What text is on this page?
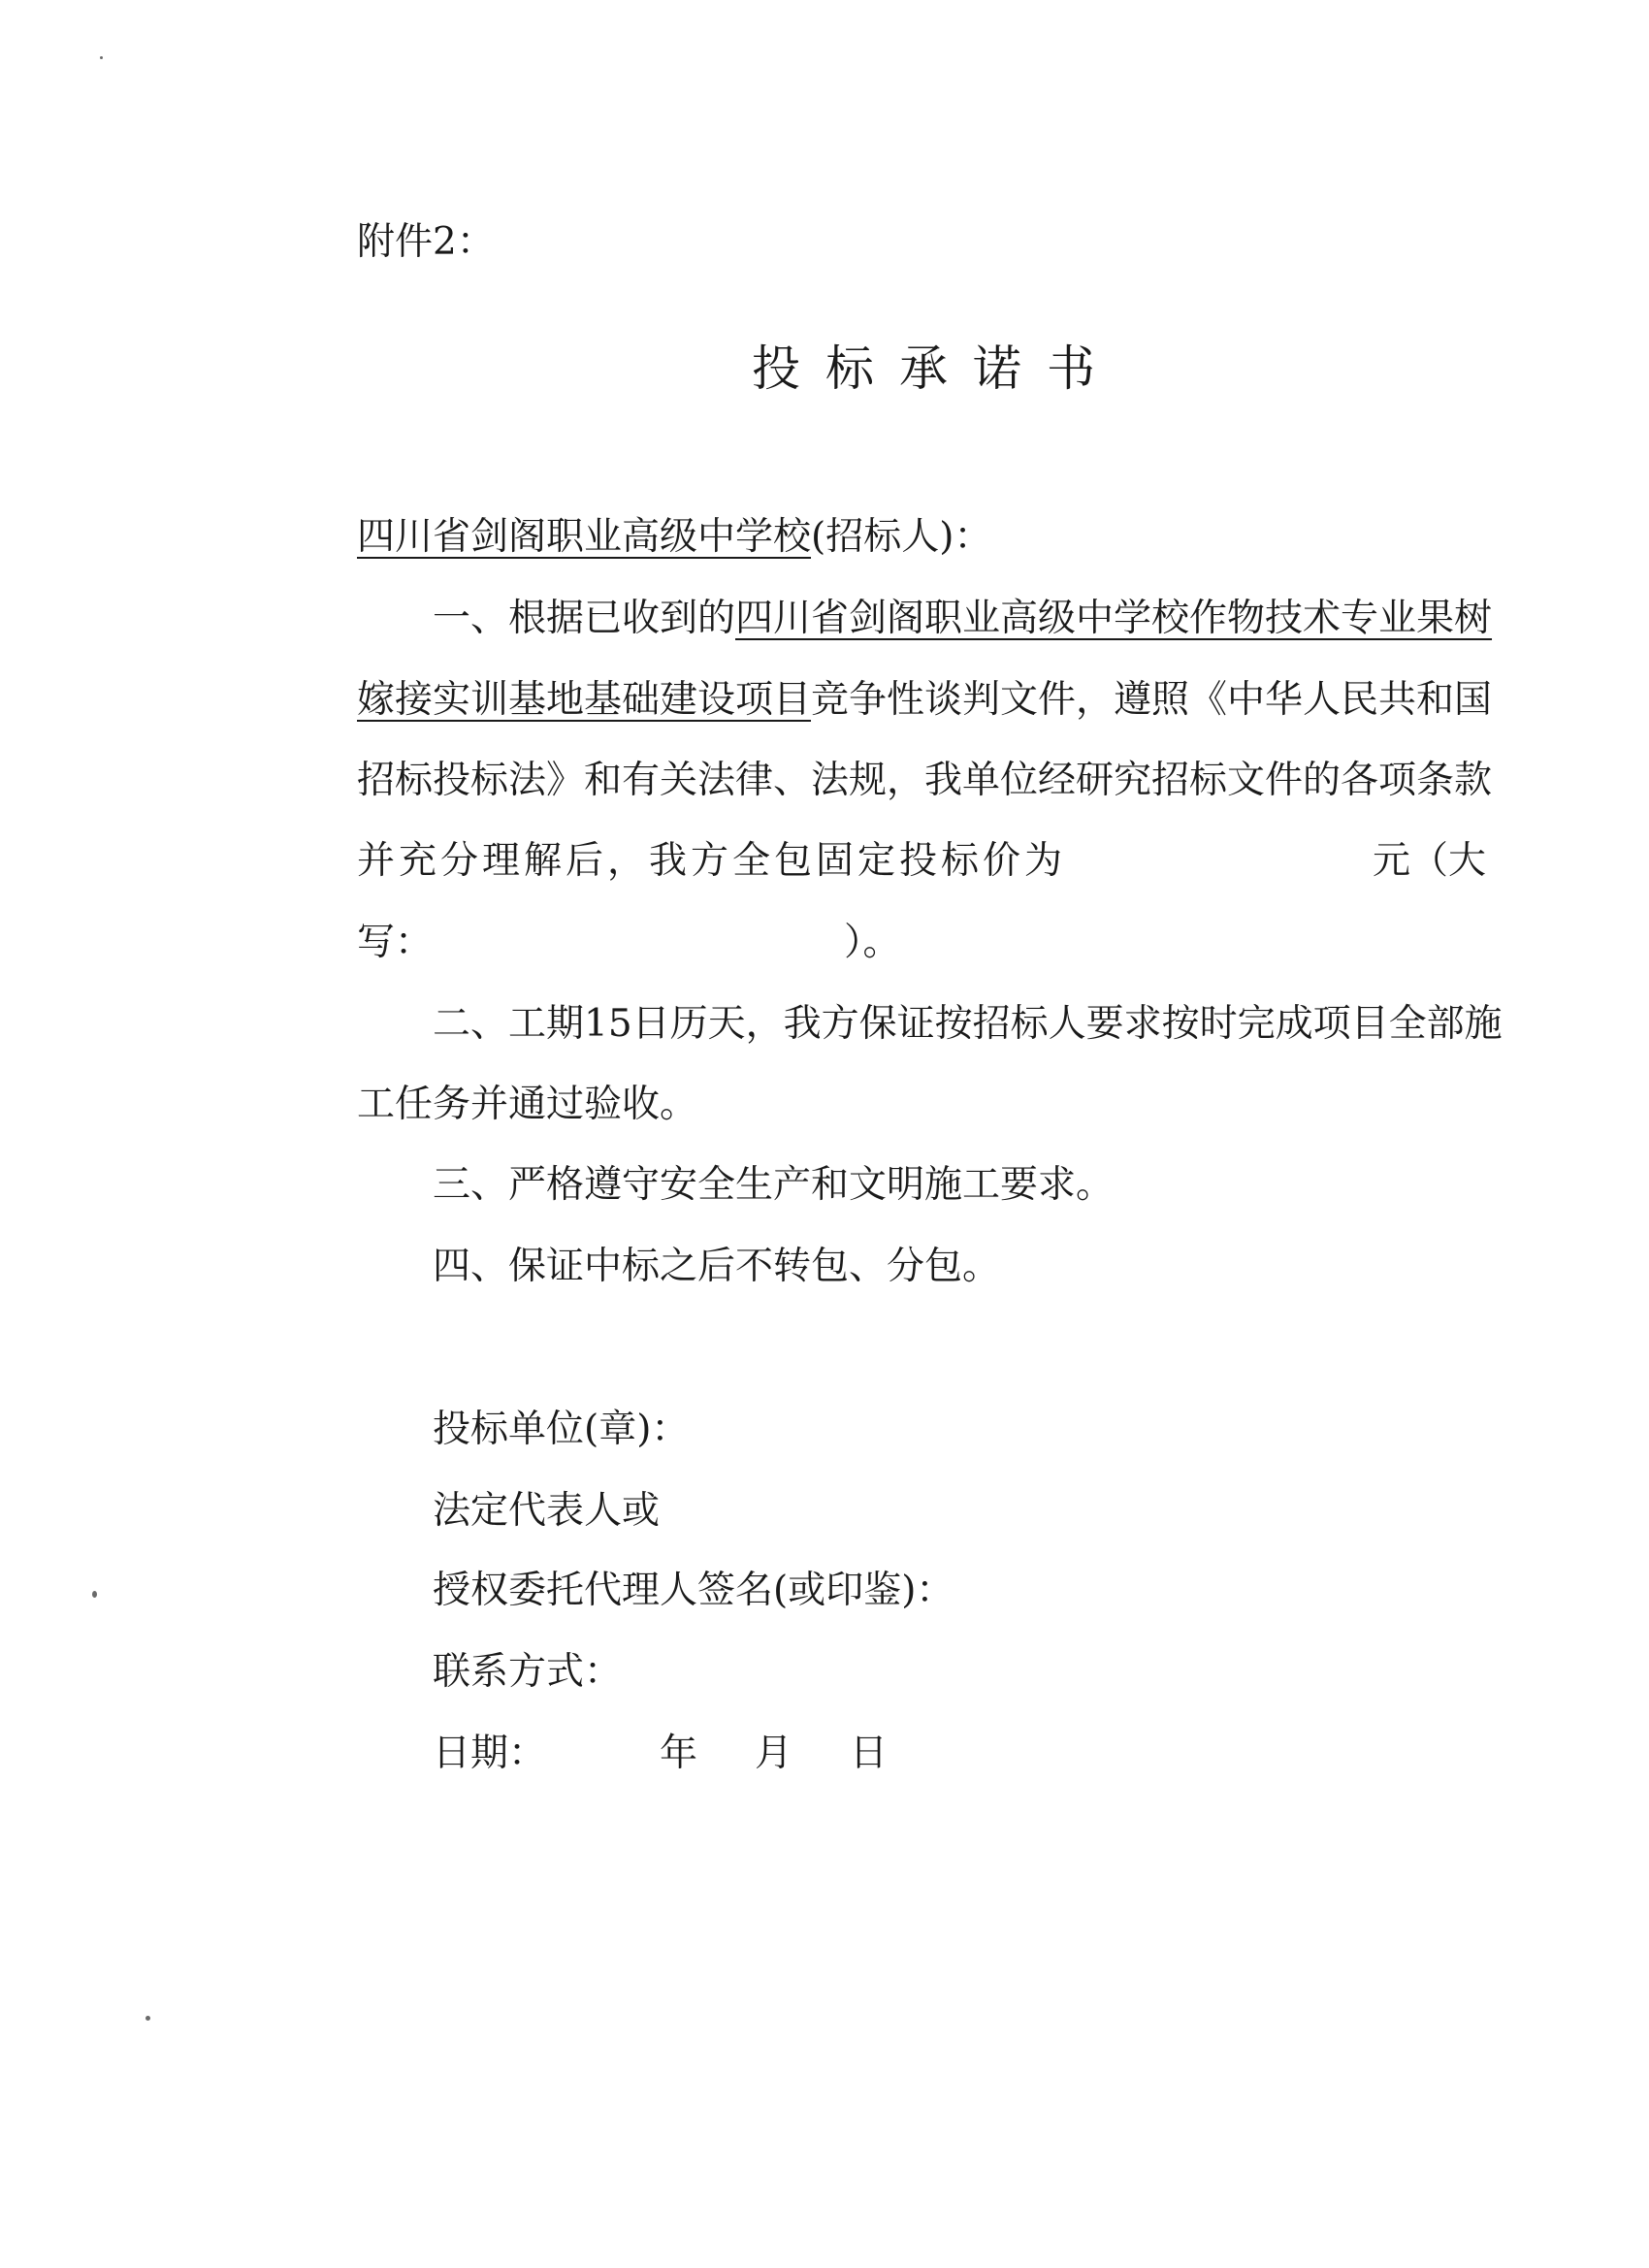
附件2：
投标承诺书
四川省剑阁职业高级中学校(招标人)：
一、根据已收到的四川省剑阁职业高级中学校作物技术专业果树
嫁接实训基地基础建设项目竞争性谈判文件，遵照《中华人民共和国
招标投标法》和有关法律、法规，我单位经研究招标文件的各项条款
并充分理解后，我方全包固定投标价为	元（大
写：	）。
二、工期15日历天，我方保证按招标人要求按时完成项目全部施
工任务并通过验收。
三、严格遵守安全生产和文明施工要求。
四、保证中标之后不转包、分包。
投标单位(章)：
法定代表人或
授权委托代理人签名(或印鉴)：
联系方式：
日期：	年 月 日
